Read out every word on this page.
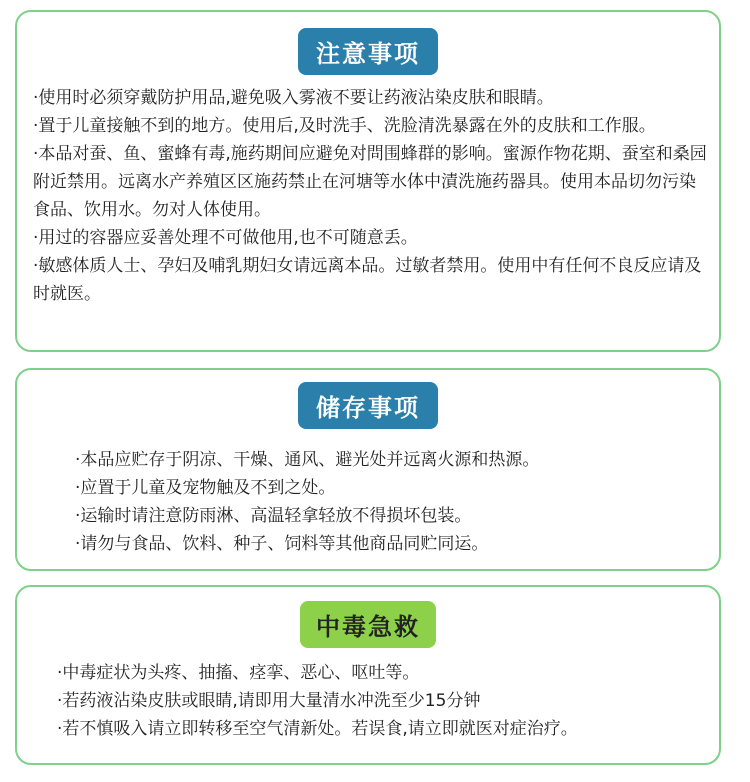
注意事项
·使用时必须穿戴防护用品,避免吸入雾液不要让药液沾染皮肤和眼睛。
·置于儿童接触不到的地方。使用后,及时洗手、洗脸清洗暴露在外的皮肤和工作服。
·本品对蚕、鱼、蜜蜂有毒,施药期间应避免对問围蜂群的影响。蜜源作物花期、蚕室和桑园附近禁用。远离水产养殖区区施药禁止在河塘等水体中漬洗施药器具。使用本品切勿污染食品、饮用水。勿对人体使用。
·用过的容器应妥善处理不可做他用,也不可随意丢。
·敏感体质人士、孕妇及哺乳期妇女请远离本品。过敏者禁用。使用中有任何不良反应请及时就医。
储存事项
·本品应贮存于阴凉、干燥、通风、避光处并远离火源和热源。
·应置于儿童及宠物触及不到之处。
·运输时请注意防雨淋、高温轻拿轻放不得损坏包装。
·请勿与食品、饮料、种子、饲料等其他商品同贮同运。
中毒急救
·中毒症状为头疼、抽搐、痉挛、恶心、呕吐等。
·若药液沾染皮肤或眼睛,请即用大量清水冲洗至少15分钟
·若不慎吸入请立即转移至空气清新处。若误食,请立即就医对症治疗。
